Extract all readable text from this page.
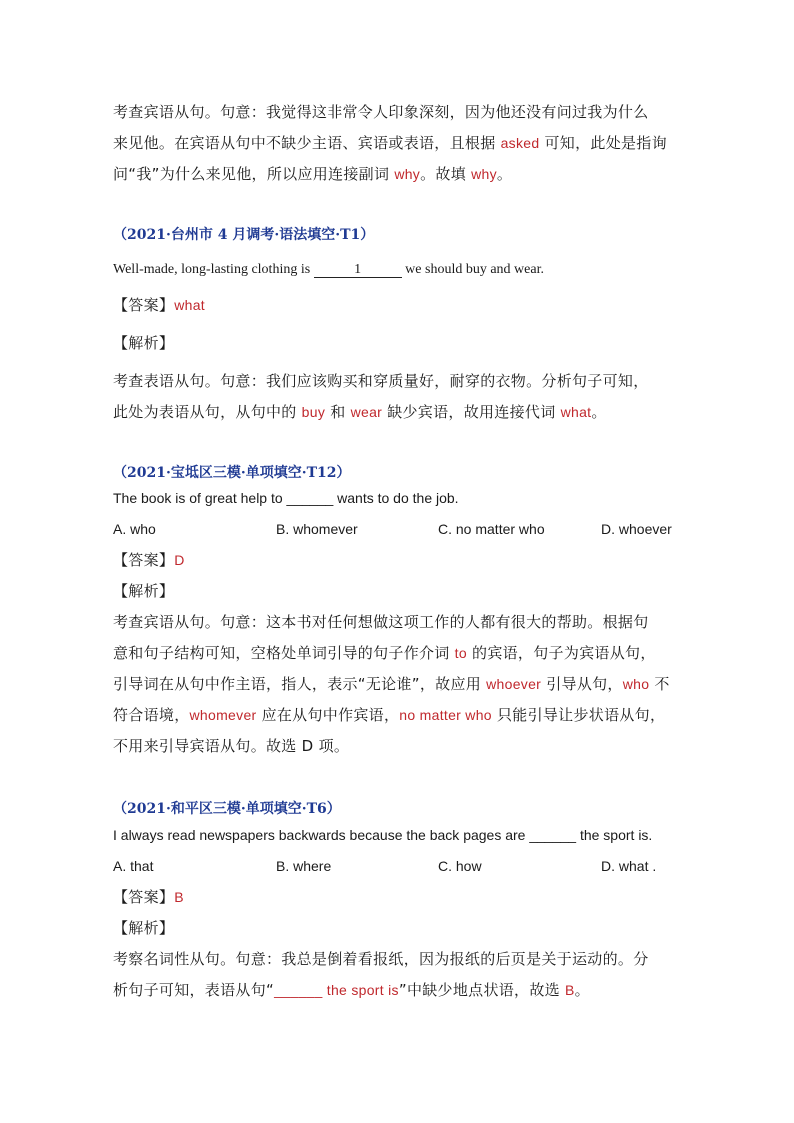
考查宾语从句。句意：我觉得这非常令人印象深刻，因为他还没有问过我为什么
来见他。在宾语从句中不缺少主语、宾语或表语，且根据 asked 可知，此处是指询
问“我”为什么来见他，所以应用连接副词 why。故填 why。
（2021·台州市 4 月调考·语法填空·T1）
Well-made, long-lasting clothing is	1	we should buy and wear.
【答案】what
【解析】
考查表语从句。句意：我们应该购买和穿质量好，耐穿的衣物。分析句子可知，
此处为表语从句，从句中的 buy 和 wear 缺少宾语，故用连接代词 what。
（2021·宝坻区三模·单项填空·T12）
The book is of great help to ______ wants to do the job.
A. who	B. whomever	C. no matter who	D. whoever
【答案】D
【解析】
考查宾语从句。句意：这本书对任何想做这项工作的人都有很大的帮助。根据句
意和句子结构可知，空格处单词引导的句子作介词 to 的宾语，句子为宾语从句，
引导词在从句中作主语，指人，表示“无论谁”，故应用 whoever 引导从句，who 不
符合语境，whomever 应在从句中作宾语，no matter who 只能引导让步状语从句，
不用来引导宾语从句。故选 D 项。
（2021·和平区三模·单项填空·T6）
I always read newspapers backwards because the back pages are ______ the sport is.
A. that	B. where	C. how	D. what .
【答案】B
【解析】
考察名词性从句。句意：我总是倒着看报纸，因为报纸的后页是关于运动的。分
析句子可知，表语从句“______ the sport is”中缺少地点状语，故选 B。
